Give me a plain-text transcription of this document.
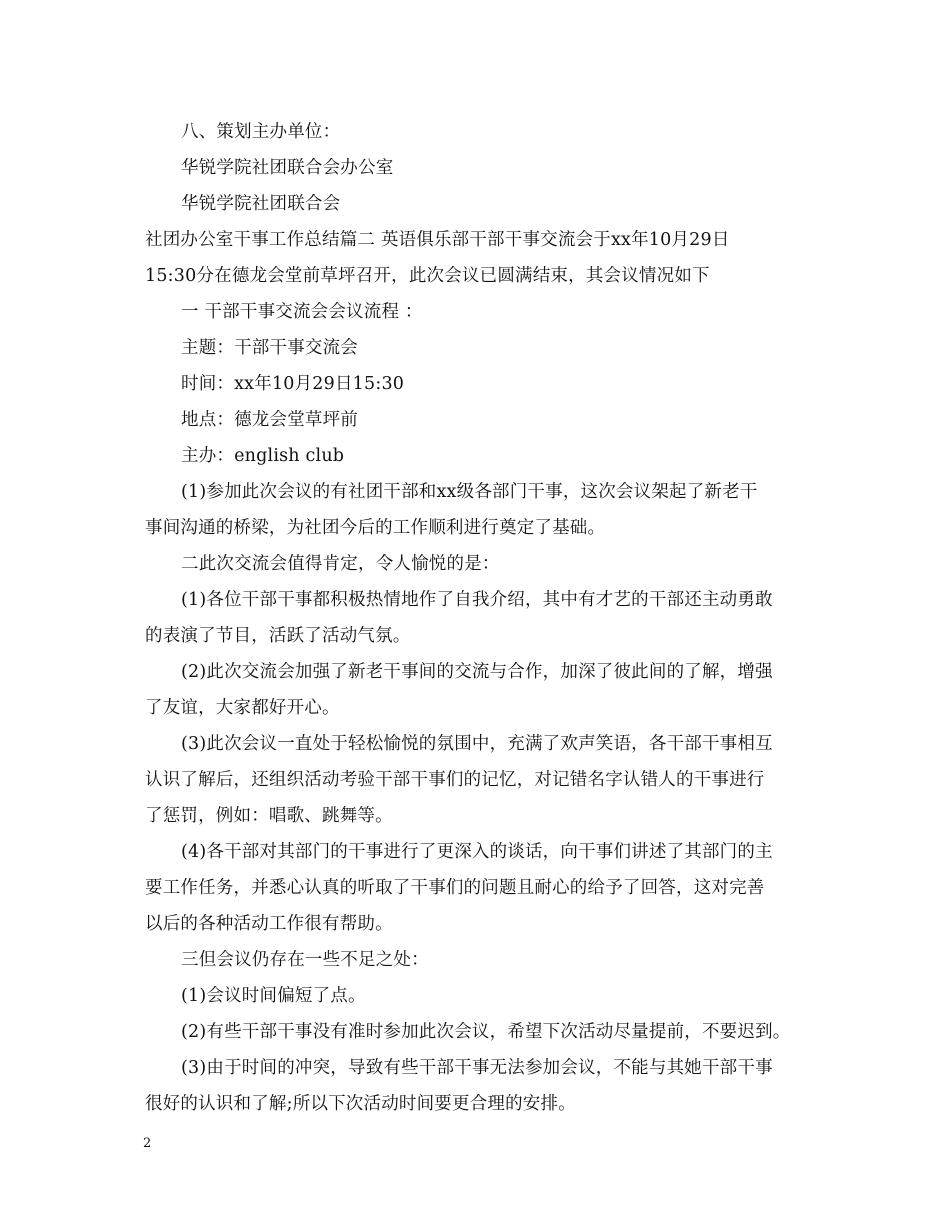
八、策划主办单位：
华锐学院社团联合会办公室
华锐学院社团联合会
社团办公室干事工作总结篇二 英语俱乐部干部干事交流会于xx年10月29日
15:30分在德龙会堂前草坪召开，此次会议已圆满结束，其会议情况如下
一 干部干事交流会会议流程 ：
主题：干部干事交流会
时间：xx年10月29日15:30
地点：德龙会堂草坪前
主办：english club
(1)参加此次会议的有社团干部和xx级各部门干事，这次会议架起了新老干
事间沟通的桥梁，为社团今后的工作顺利进行奠定了基础。
二此次交流会值得肯定，令人愉悦的是：
(1)各位干部干事都积极热情地作了自我介绍，其中有才艺的干部还主动勇敢
的表演了节目，活跃了活动气氛。
(2)此次交流会加强了新老干事间的交流与合作，加深了彼此间的了解，增强
了友谊，大家都好开心。
(3)此次会议一直处于轻松愉悦的氛围中，充满了欢声笑语，各干部干事相互
认识了解后，还组织活动考验干部干事们的记忆，对记错名字认错人的干事进行
了惩罚，例如：唱歌、跳舞等。
(4)各干部对其部门的干事进行了更深入的谈话，向干事们讲述了其部门的主
要工作任务，并悉心认真的听取了干事们的问题且耐心的给予了回答，这对完善
以后的各种活动工作很有帮助。
三但会议仍存在一些不足之处：
(1)会议时间偏短了点。
(2)有些干部干事没有准时参加此次会议，希望下次活动尽量提前，不要迟到。
(3)由于时间的冲突，导致有些干部干事无法参加会议，不能与其她干部干事
很好的认识和了解;所以下次活动时间要更合理的安排。
2
